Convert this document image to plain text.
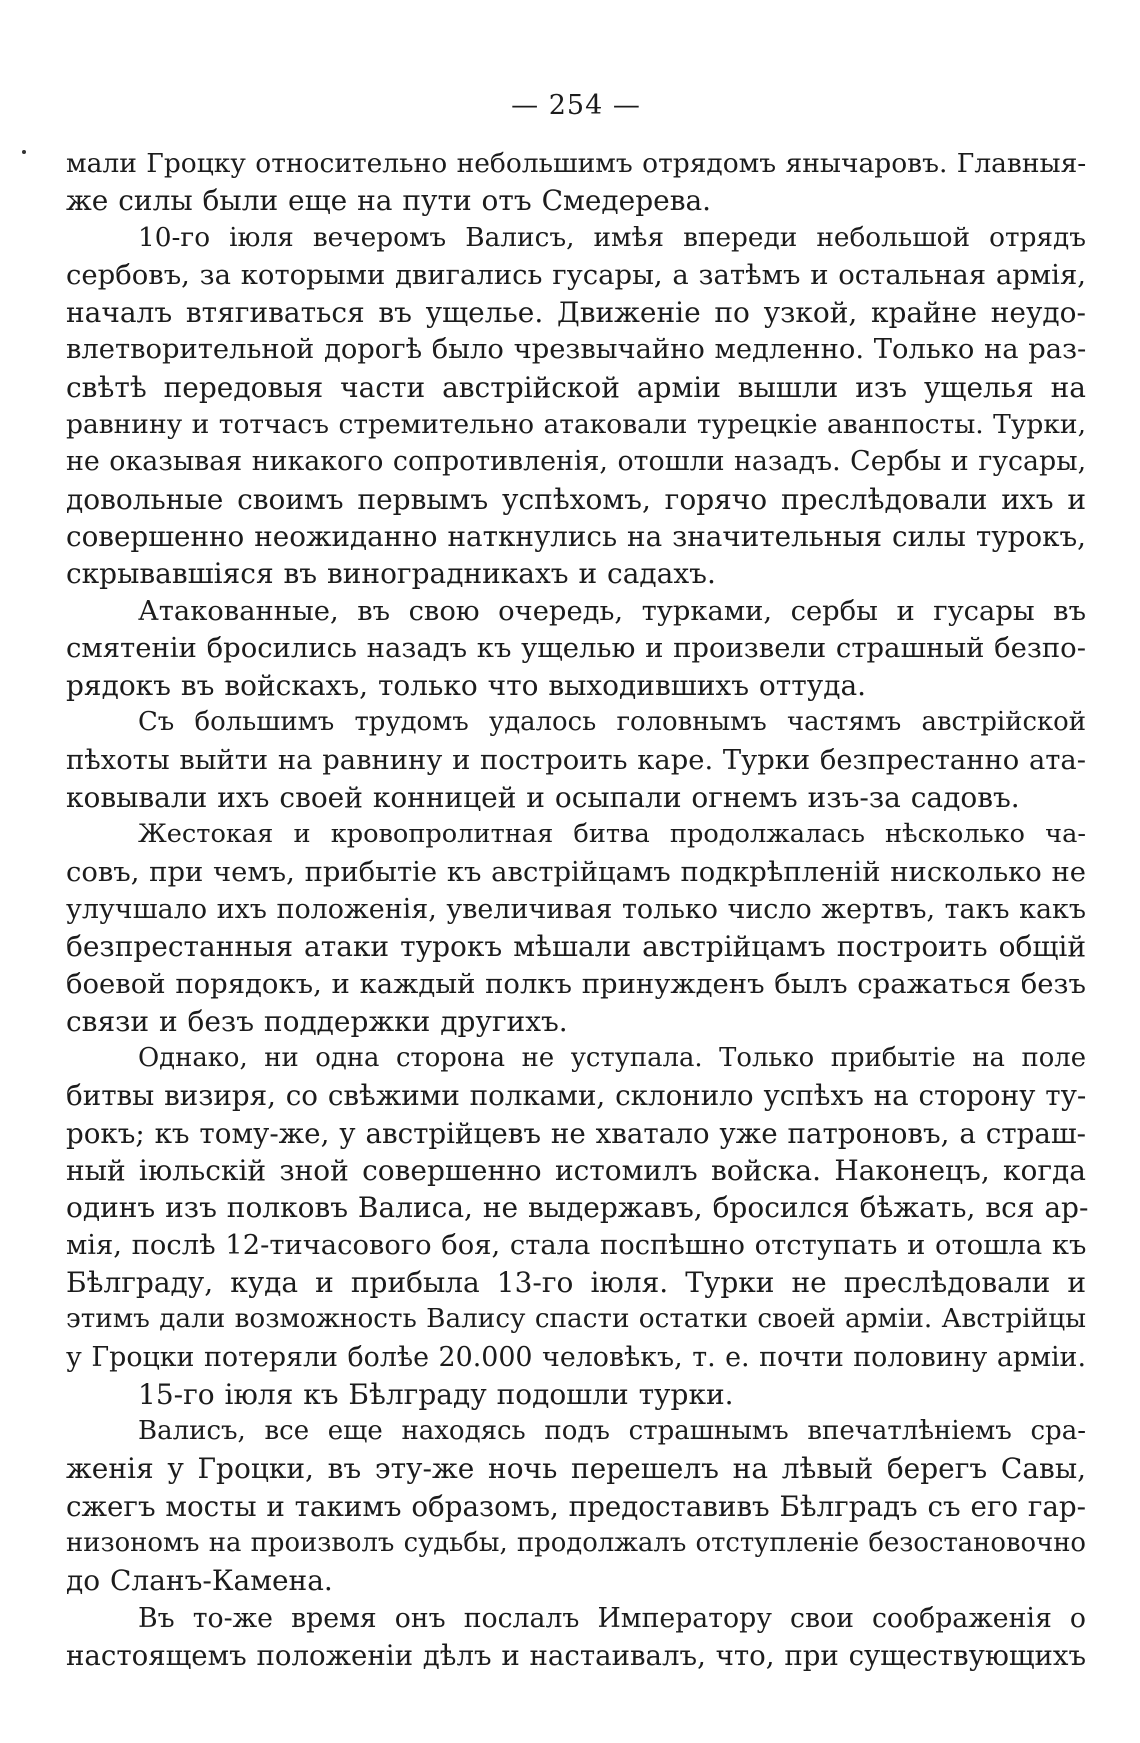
— 254 —
мали Гроцку относительно небольшимъ отрядомъ янычаровъ. Главныя-
же силы были еще на пути отъ Смедерева.
10-го іюля вечеромъ Валисъ, имѣя впереди небольшой отрядъ
сербовъ, за которыми двигались гусары, а затѣмъ и остальная армія,
началъ втягиваться въ ущелье. Движеніе по узкой, крайне неудо-
влетворительной дорогѣ было чрезвычайно медленно. Только на раз-
свѣтѣ передовыя части австрійской арміи вышли изъ ущелья на
равнину и тотчасъ стремительно атаковали турецкіе аванпосты. Турки,
не оказывая никакого сопротивленія, отошли назадъ. Сербы и гусары,
довольные своимъ первымъ успѣхомъ, горячо преслѣдовали ихъ и
совершенно неожиданно наткнулись на значительныя силы турокъ,
скрывавшіяся въ виноградникахъ и садахъ.
Атакованные, въ свою очередь, турками, сербы и гусары въ
смятеніи бросились назадъ къ ущелью и произвели страшный безпо-
рядокъ въ войскахъ, только что выходившихъ оттуда.
Съ большимъ трудомъ удалось головнымъ частямъ австрійской
пѣхоты выйти на равнину и построить каре. Турки безпрестанно ата-
ковывали ихъ своей конницей и осыпали огнемъ изъ-за садовъ.
Жестокая и кровопролитная битва продолжалась нѣсколько ча-
совъ, при чемъ, прибытіе къ австрійцамъ подкрѣпленій нисколько не
улучшало ихъ положенія, увеличивая только число жертвъ, такъ какъ
безпрестанныя атаки турокъ мѣшали австрійцамъ построить общій
боевой порядокъ, и каждый полкъ принужденъ былъ сражаться безъ
связи и безъ поддержки другихъ.
Однако, ни одна сторона не уступала. Только прибытіе на поле
битвы визиря, со свѣжими полками, склонило успѣхъ на сторону ту-
рокъ; къ тому-же, у австрійцевъ не хватало уже патроновъ, а страш-
ный іюльскій зной совершенно истомилъ войска. Наконецъ, когда
одинъ изъ полковъ Валиса, не выдержавъ, бросился бѣжать, вся ар-
мія, послѣ 12-тичасового боя, стала поспѣшно отступать и отошла къ
Бѣлграду, куда и прибыла 13-го іюля. Турки не преслѣдовали и
этимъ дали возможность Валису спасти остатки своей арміи. Австрійцы
у Гроцки потеряли болѣе 20.000 человѣкъ, т. е. почти половину арміи.
15-го іюля къ Бѣлграду подошли турки.
Валисъ, все еще находясь подъ страшнымъ впечатлѣніемъ сра-
женія у Гроцки, въ эту-же ночь перешелъ на лѣвый берегъ Савы,
сжегъ мосты и такимъ образомъ, предоставивъ Бѣлградъ съ его гар-
низономъ на произволъ судьбы, продолжалъ отступленіе безостановочно
до Сланъ-Камена.
Въ то-же время онъ послалъ Императору свои соображенія о
настоящемъ положеніи дѣлъ и настаивалъ, что, при существующихъ
